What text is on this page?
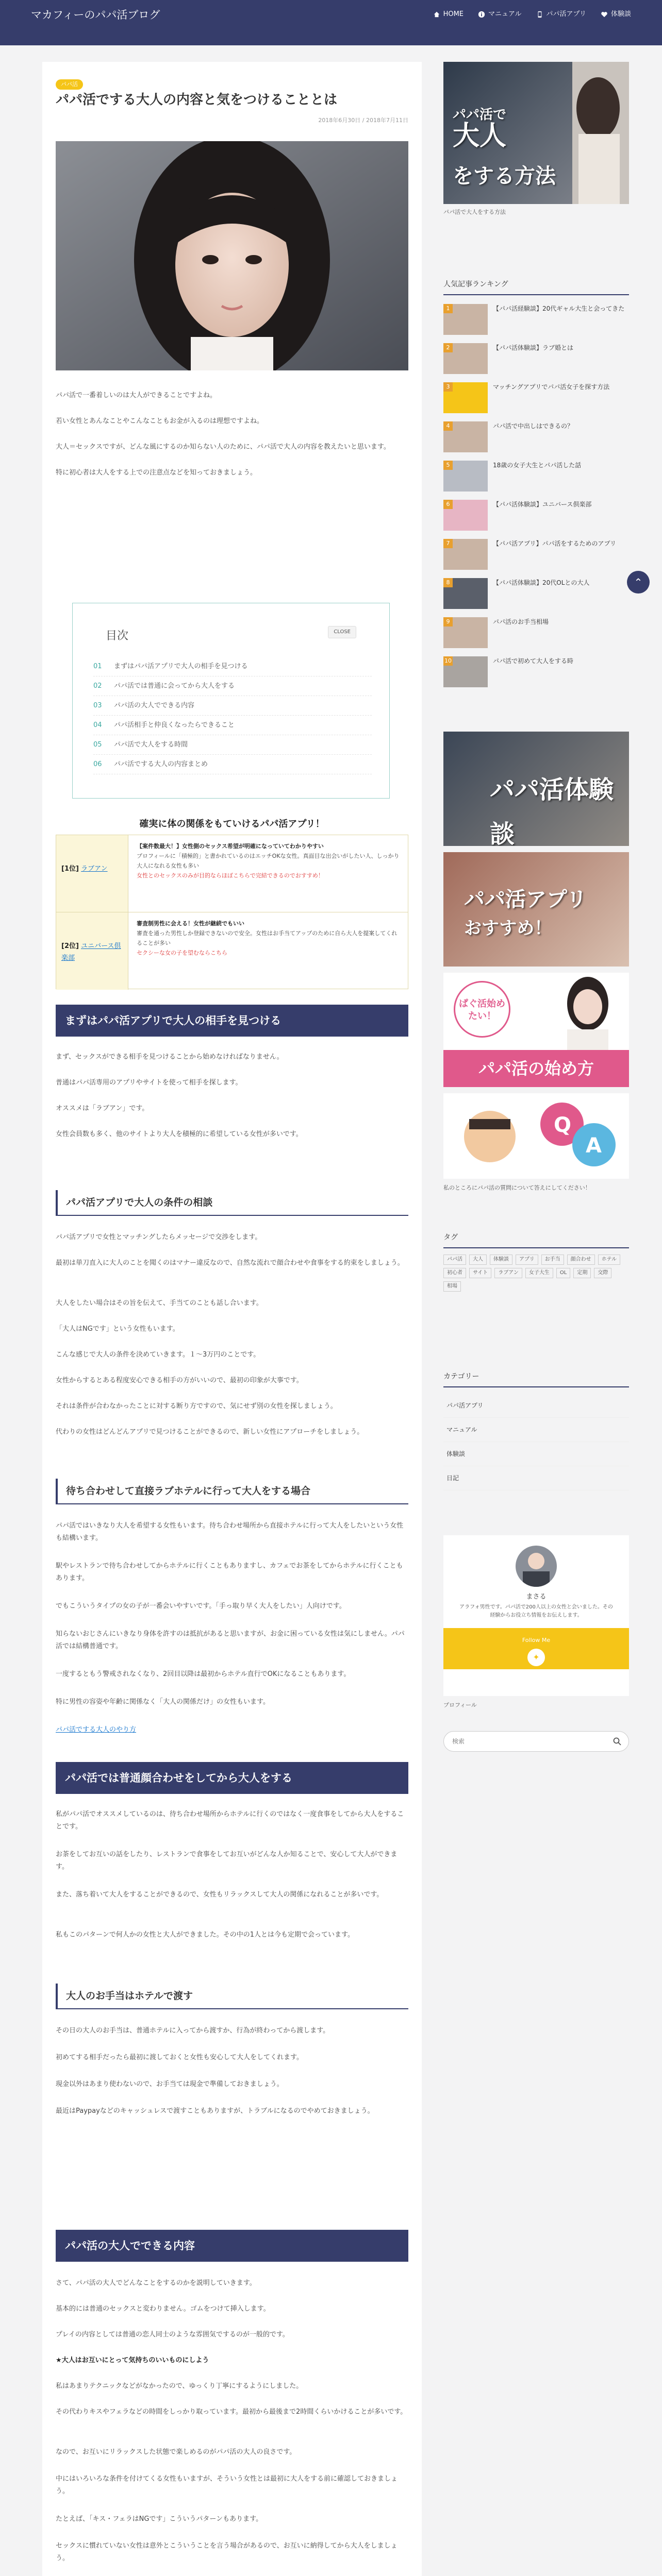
マカフィーのパパ活ブログ	HOME	マニュアル	パパ活アプリ	体験談
パパ活
パパ活でする大人の内容と気をつけることとは
2018年6月30日 / 2018年7月11日

パパ活で一番着しいのは大人ができることですよね。

若い女性とあんなことやこんなこともお金が入るのは理想ですよね。

大人＝セックスですが、どんな風にするのか知らない人のために、パパ活で大人の内容を教えたいと思います。

特に初心者は大人をする上での注意点などを知っておきましょう。

目次	CLOSE
01	まずはパパ活アプリで大人の相手を見つける
02	パパ活では普通に会ってから大人をする
03	パパ活の大人でできる内容
04	パパ活相手と仲良くなったらできること
05	パパ活で大人をする時間
06	パパ活でする大人の内容まとめ
確実に体の関係をもていけるパパ活アプリ！
[1位] ラブアン
【案件数最大！】女性側のセックス希望が明確になっていてわかりやすい
プロフィールに「積極的」と書かれているのはエッチOKな女性。真面目な出会いがしたい人、しっかり大人になれる女性も多い
女性とのセックスのみが目的ならほぼこちらで完結できるのでおすすめ！
[2位] ユニバース倶楽部
審査制男性に会える！女性が継続でもいい
審査を通った男性しか登録できないので安全。女性はお手当てアップのために自ら大人を提案してくれることが多い
セクシーな女の子を望むならこちら
まずはパパ活アプリで大人の相手を見つける

まず、セックスができる相手を見つけることから始めなければなりません。

普通はパパ活専用のアプリやサイトを使って相手を探します。

オススメは「ラブアン」です。

女性会員数も多く、他のサイトより大人を積極的に希望している女性が多いです。

パパ活アプリで大人の条件の相談

パパ活アプリで女性とマッチングしたらメッセージで交渉をします。

最初は単刀直入に大人のことを聞くのはマナー違反なので、自然な流れで顔合わせや食事をする約束をしましょう。

大人をしたい場合はその旨を伝えて、手当てのことも話し合います。

「大人はNGです」という女性もいます。

こんな感じで大人の条件を決めていきます。１～3万円のことです。

女性からするとある程度安心できる相手の方がいいので、最初の印象が大事です。

それは条件が合わなかったことに対する断り方ですので、気にせず別の女性を探しましょう。

代わりの女性はどんどんアプリで見つけることができるので、新しい女性にアプローチをしましょう。

待ち合わせして直接ラブホテルに行って大人をする場合

パパ活ではいきなり大人を希望する女性もいます。待ち合わせ場所から直接ホテルに行って大人をしたいという女性も結構います。

駅やレストランで待ち合わせしてからホテルに行くこともありますし、カフェでお茶をしてからホテルに行くこともあります。

でもこういうタイプの女の子が一番会いやすいです。「手っ取り早く大人をしたい」人向けです。

知らないおじさんにいきなり身体を許すのは抵抗があると思いますが、お金に困っている女性は気にしません。パパ活では結構普通です。

一度するともう警戒されなくなり、2回目以降は最初からホテル直行でOKになることもあります。

特に男性の容姿や年齢に関係なく「大人の関係だけ」の女性もいます。

パパ活でする大人のやり方

パパ活では普通顔合わせをしてから大人をする

私がパパ活でオススメしているのは、待ち合わせ場所からホテルに行くのではなく一度食事をしてから大人をすることです。

お茶をしてお互いの話をしたり、レストランで食事をしてお互いがどんな人か知ることで、安心して大人ができます。

また、落ち着いて大人をすることができるので、女性もリラックスして大人の関係になれることが多いです。

私もこのパターンで何人かの女性と大人ができました。その中の1人とは今も定期で会っています。

大人のお手当はホテルで渡す

その日の大人のお手当は、普通ホテルに入ってから渡すか、行為が終わってから渡します。

初めてする相手だったら最初に渡しておくと女性も安心して大人をしてくれます。

現金以外はあまり使わないので、お手当ては現金で準備しておきましょう。

最近はPaypayなどのキャッシュレスで渡すこともありますが、トラブルになるのでやめておきましょう。

パパ活の大人でできる内容

さて、パパ活の大人でどんなことをするのかを説明していきます。

基本的には普通のセックスと変わりません。ゴムをつけて挿入します。

プレイの内容としては普通の恋人同士のような雰囲気でするのが一般的です。

★大人はお互いにとって気持ちのいいものにしよう

私はあまりテクニックなどがなかったので、ゆっくり丁寧にするようにしました。

その代わりキスやフェラなどの時間をしっかり取っています。最初から最後まで2時間くらいかけることが多いです。

なので、お互いにリラックスした状態で楽しめるのがパパ活の大人の良さです。

中にはいろいろな条件を付けてくる女性もいますが、そういう女性とは最初に大人をする前に確認しておきましょう。

たとえば、「キス・フェラはNGです」こういうパターンもあります。

セックスに慣れていない女性は意外とこういうことを言う場合があるので、お互いに納得してから大人をしましょう。

パパ活で
大人
をする方法
パパ活で大人をする方法
人気記事ランキング
1	【パパ活経験談】20代ギャル大生と会ってきた
2	【パパ活体験談】ラブ婚とは
3	マッチングアプリでパパ活女子を探す方法
4	パパ活で中出しはできるの？
5	18歳の女子大生とパパ活した話
6	【パパ活体験談】ユニバース倶楽部
7	【パパ活アプリ】パパ活をするためのアプリ
8	【パパ活体験談】20代OLとの大人
9	パパ活のお手当相場
10	パパ活で初めて大人をする時
パパ活体験談
パパ活アプリ
おすすめ！
ぱぐ活始めたい！
パパ活の始め方
Q
A
私のところにパパ活の質問について答えにしてください！
タグ
パパ活	大人	体験談	アプリ	お手当	顔合わせ	ホテル
初心者	サイト	ラブアン	女子大生	OL	定期	交際
相場
カテゴリー
パパ活アプリ
マニュアル
体験談
日記
まさる
アラフォ男性です。パパ活で200人以上の女性と会いました。その経験からお役立ち情報をお伝えします。
Follow Me
✦
プロフィール
検索
⌃
